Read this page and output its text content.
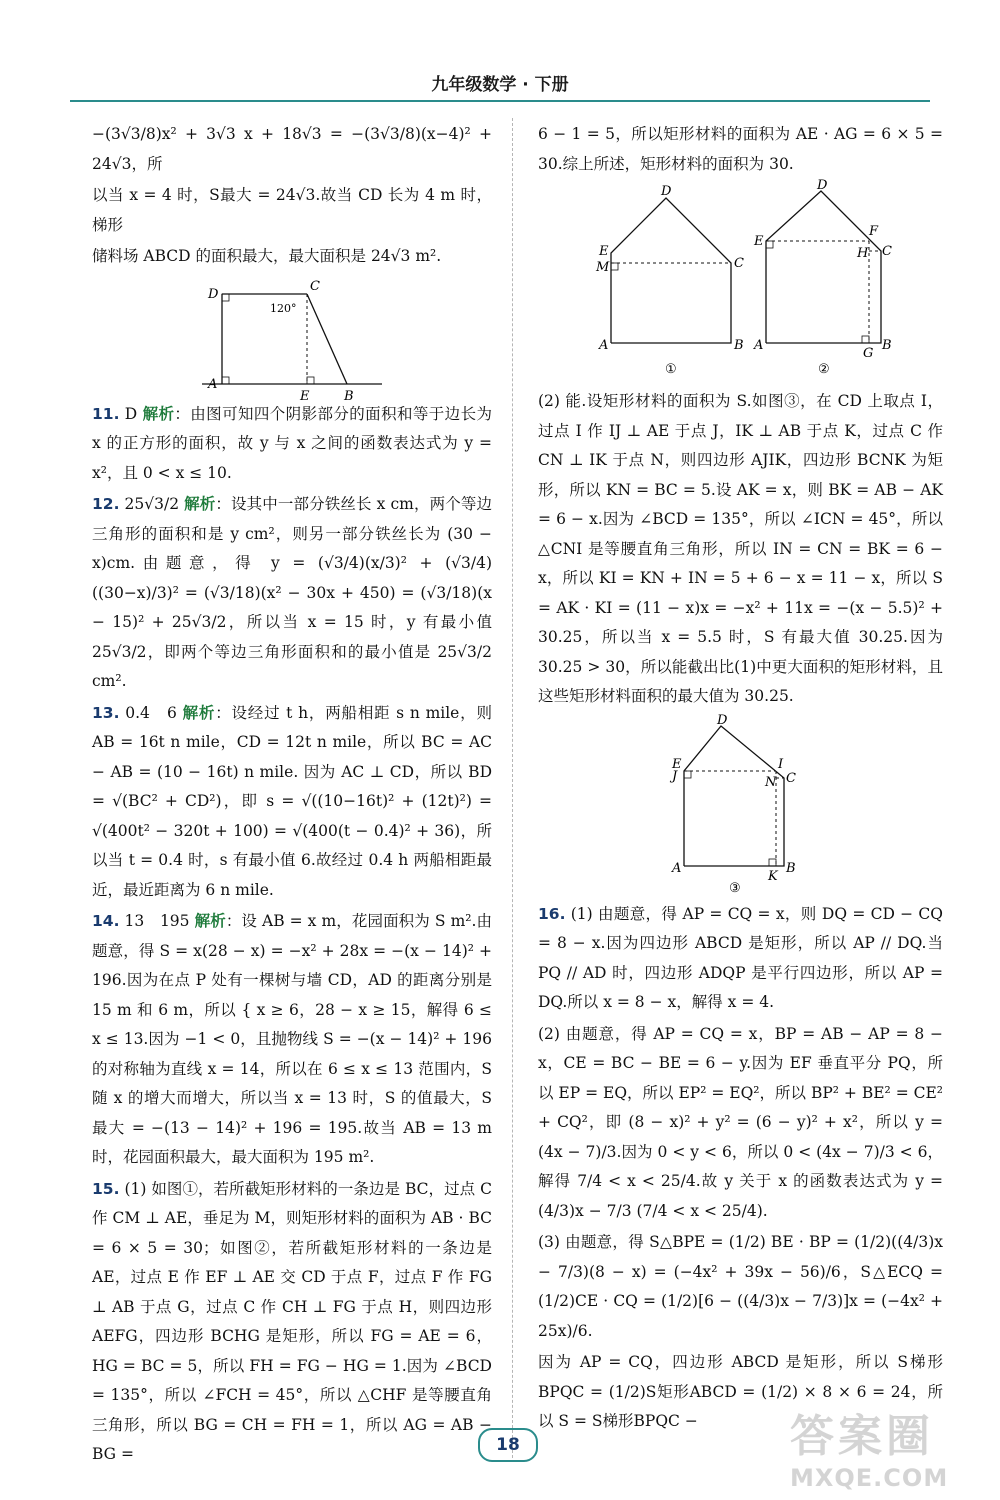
九年级数学 · 下册

−(3√3/8)x² + 3√3 x + 18√3 = −(3√3/8)(x−4)² + 24√3，所

以当 x = 4 时，S最大 = 24√3.故当 CD 长为 4 m 时，梯形

储料场 ABCD 的面积最大，最大面积是 24√3 m².

D
C
A
E	B
120°

11. D 解析：由图可知四个阴影部分的面积和等于边长为 x 的正方形的面积，故 y 与 x 之间的函数表达式为 y = x²，且 0 < x ≤ 10.

12. 25√3/2 解析：设其中一部分铁丝长 x cm，两个等边三角形的面积和是 y cm²，则另一部分铁丝长为 (30 − x)cm.由题意，得 y = (√3/4)(x/3)² + (√3/4)((30−x)/3)² = (√3/18)(x² − 30x + 450) = (√3/18)(x − 15)² + 25√3/2，所以当 x = 15 时，y 有最小值 25√3/2，即两个等边三角形面积和的最小值是 25√3/2 cm².

13. 0.4　6 解析：设经过 t h，两船相距 s n mile，则 AB = 16t n mile，CD = 12t n mile，所以 BC = AC − AB = (10 − 16t) n mile. 因为 AC ⊥ CD，所以 BD = √(BC² + CD²)，即 s = √((10−16t)² + (12t)²) = √(400t² − 320t + 100) = √(400(t − 0.4)² + 36)，所以当 t = 0.4 时，s 有最小值 6.故经过 0.4 h 两船相距最近，最近距离为 6 n mile.

14. 13　195 解析：设 AB = x m，花园面积为 S m².由题意，得 S = x(28 − x) = −x² + 28x = −(x − 14)² + 196.因为在点 P 处有一棵树与墙 CD，AD 的距离分别是 15 m 和 6 m，所以 { x ≥ 6，28 − x ≥ 15，解得 6 ≤ x ≤ 13.因为 −1 < 0，且抛物线 S = −(x − 14)² + 196 的对称轴为直线 x = 14，所以在 6 ≤ x ≤ 13 范围内，S 随 x 的增大而增大，所以当 x = 13 时，S 的值最大，S最大 = −(13 − 14)² + 196 = 195.故当 AB = 13 m 时，花园面积最大，最大面积为 195 m².

15. (1) 如图①，若所截矩形材料的一条边是 BC，过点 C 作 CM ⊥ AE，垂足为 M，则矩形材料的面积为 AB · BC = 6 × 5 = 30；如图②，若所截矩形材料的一条边是 AE，过点 E 作 EF ⊥ AE 交 CD 于点 F，过点 F 作 FG ⊥ AB 于点 G，过点 C 作 CH ⊥ FG 于点 H，则四边形 AEFG，四边形 BCHG 是矩形，所以 FG = AE = 6，HG = BC = 5，所以 FH = FG − HG = 1.因为 ∠BCD = 135°，所以 ∠FCH = 45°，所以 △CHF 是等腰直角三角形，所以 BG = CH = FH = 1，所以 AG = AB − BG =

6 − 1 = 5，所以矩形材料的面积为 AE · AG = 6 × 5 = 30.综上所述，矩形材料的面积为 30.

D
E
M	C
A	B
①
D
E
F
H C
A
G
B
②

(2) 能.设矩形材料的面积为 S.如图③，在 CD 上取点 I，过点 I 作 IJ ⊥ AE 于点 J，IK ⊥ AB 于点 K，过点 C 作 CN ⊥ IK 于点 N，则四边形 AJIK，四边形 BCNK 为矩形，所以 KN = BC = 5.设 AK = x，则 BK = AB − AK = 6 − x.因为 ∠BCD = 135°，所以 ∠ICN = 45°，所以 △CNI 是等腰直角三角形，所以 IN = CN = BK = 6 − x，所以 KI = KN + IN = 5 + 6 − x = 11 − x，所以 S = AK · KI = (11 − x)x = −x² + 11x = −(x − 5.5)² + 30.25，所以当 x = 5.5 时，S 有最大值 30.25.因为 30.25 > 30，所以能截出比(1)中更大面积的矩形材料，且这些矩形材料面积的最大值为 30.25.

D
E
J
I
N C
A
K
B
③

16. (1) 由题意，得 AP = CQ = x，则 DQ = CD − CQ = 8 − x.因为四边形 ABCD 是矩形，所以 AP // DQ.当 PQ // AD 时，四边形 ADQP 是平行四边形，所以 AP = DQ.所以 x = 8 − x，解得 x = 4.

(2) 由题意，得 AP = CQ = x，BP = AB − AP = 8 − x，CE = BC − BE = 6 − y.因为 EF 垂直平分 PQ，所以 EP = EQ，所以 EP² = EQ²，所以 BP² + BE² = CE² + CQ²，即 (8 − x)² + y² = (6 − y)² + x²，所以 y = (4x − 7)/3.因为 0 < y < 6，所以 0 < (4x − 7)/3 < 6，解得 7/4 < x < 25/4.故 y 关于 x 的函数表达式为 y = (4/3)x − 7/3 (7/4 < x < 25/4).

(3) 由题意，得 S△BPE = (1/2) BE · BP = (1/2)((4/3)x − 7/3)(8 − x) = (−4x² + 39x − 56)/6，S△ECQ = (1/2)CE · CQ = (1/2)[6 − ((4/3)x − 7/3)]x = (−4x² + 25x)/6.

因为 AP = CQ，四边形 ABCD 是矩形，所以 S梯形BPQC = (1/2)S矩形ABCD = (1/2) × 8 × 6 = 24，所以 S = S梯形BPQC −

18	答案圈
MXQE.COM
